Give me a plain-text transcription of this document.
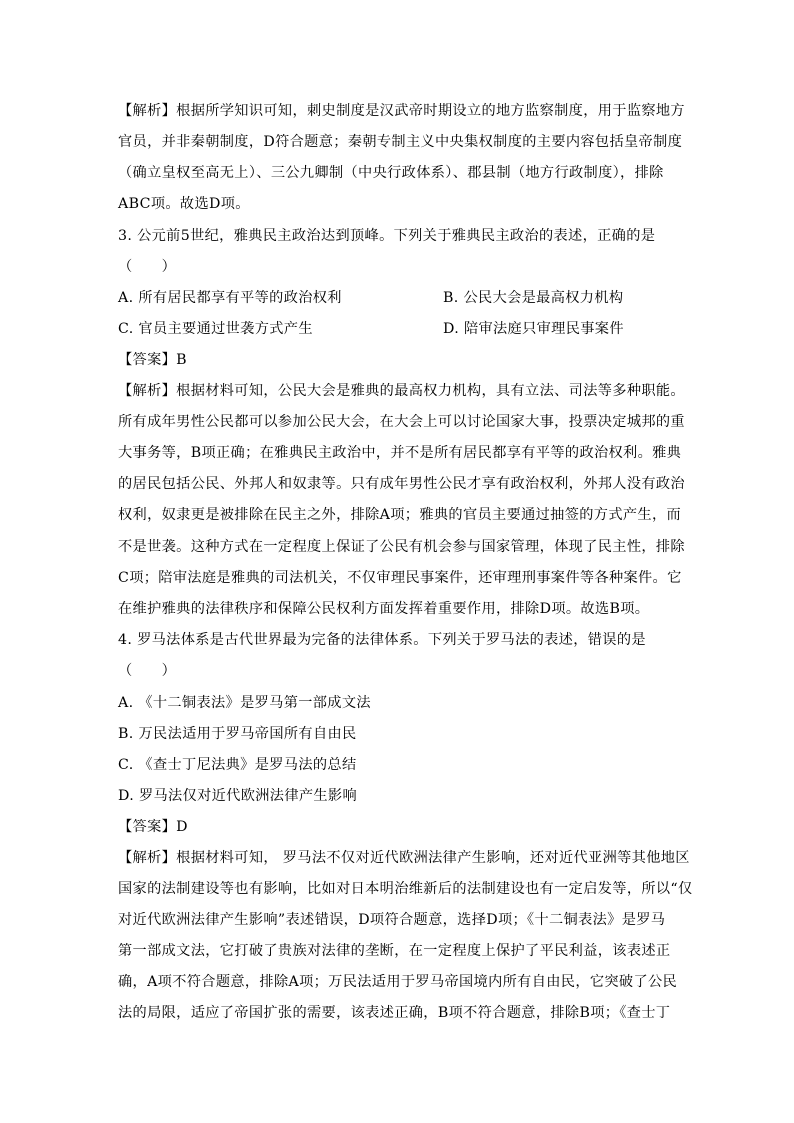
【解析】根据所学知识可知，刺史制度是汉武帝时期设立的地方监察制度，用于监察地方
官员，并非秦朝制度，D符合题意；秦朝专制主义中央集权制度的主要内容包括皇帝制度
（确立皇权至高无上）、三公九卿制（中央行政体系）、郡县制（地方行政制度），排除
ABC项。故选D项。
3. 公元前5世纪，雅典民主政治达到顶峰。下列关于雅典民主政治的表述，正确的是
（　　）
A. 所有居民都享有平等的政治权利	B. 公民大会是最高权力机构
C. 官员主要通过世袭方式产生	D. 陪审法庭只审理民事案件
【答案】B
【解析】根据材料可知，公民大会是雅典的最高权力机构，具有立法、司法等多种职能。
所有成年男性公民都可以参加公民大会，在大会上可以讨论国家大事，投票决定城邦的重
大事务等，B项正确；在雅典民主政治中，并不是所有居民都享有平等的政治权利。雅典
的居民包括公民、外邦人和奴隶等。只有成年男性公民才享有政治权利，外邦人没有政治
权利，奴隶更是被排除在民主之外，排除A项；雅典的官员主要通过抽签的方式产生，而
不是世袭。这种方式在一定程度上保证了公民有机会参与国家管理，体现了民主性，排除
C项；陪审法庭是雅典的司法机关，不仅审理民事案件，还审理刑事案件等各种案件。它
在维护雅典的法律秩序和保障公民权利方面发挥着重要作用，排除D项。故选B项。
4. 罗马法体系是古代世界最为完备的法律体系。下列关于罗马法的表述，错误的是
（　　）
A. 《十二铜表法》是罗马第一部成文法
B. 万民法适用于罗马帝国所有自由民
C. 《查士丁尼法典》是罗马法的总结
D. 罗马法仅对近代欧洲法律产生影响
【答案】D
【解析】根据材料可知， 罗马法不仅对近代欧洲法律产生影响，还对近代亚洲等其他地区
国家的法制建设等也有影响，比如对日本明治维新后的法制建设也有一定启发等，所以“仅
对近代欧洲法律产生影响”表述错误，D项符合题意，选择D项；《十二铜表法》是罗马
第一部成文法，它打破了贵族对法律的垄断，在一定程度上保护了平民利益，该表述正
确，A项不符合题意，排除A项；万民法适用于罗马帝国境内所有自由民，它突破了公民
法的局限，适应了帝国扩张的需要，该表述正确，B项不符合题意，排除B项；《查士丁
